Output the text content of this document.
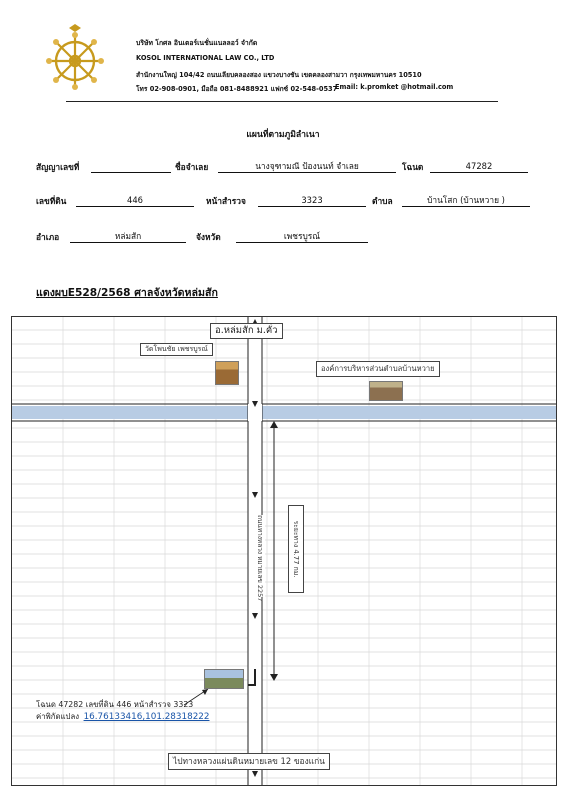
บริษัท โกศล อินเตอร์เนชั่นแนลลอว์ จำกัด
KOSOL INTERNATIONAL LAW CO., LTD
สำนักงานใหญ่ 104/42 ถนนเลียบคลองสอง แขวงบางชัน เขตคลองสามวา กรุงเทพมหานคร 10510
โทร 02-908-0901, มือถือ 081-8488921 แฟกซ์ 02-548-0537
Email: k.promket @hotmail.com
แผนที่ตามภูมิลำเนา
สัญญาเลขที่	ชื่อจำเลย	นางจุฑามณี ป้องนนท์ จำเลย	โฉนด	47282
เลขที่ดิน	446	หน้าสำรวจ	3323	ตำบล	บ้านโสก (บ้านหวาย )
อำเภอ	หล่มสัก	จังหวัด	เพชรบูรณ์
แดงผบE528/2568 ศาลจังหวัดหล่มสัก
อ.หล่มสัก ม.คั่ว
วัดโพนชัย เพชรบูรณ์
องค์การบริหารส่วนตำบลบ้านหวาย
ถนนทางหลวง หมายเลข 2257	ระยะทาง 4.77 กม.
โฉนด 47282 เลขที่ดิน 446 หน้าสำรวจ 3323
ค่าพิกัดแปลง 16.76133416,101.28318222
ไปทางหลวงแผ่นดินหมายเลข 12 ของแก่น
